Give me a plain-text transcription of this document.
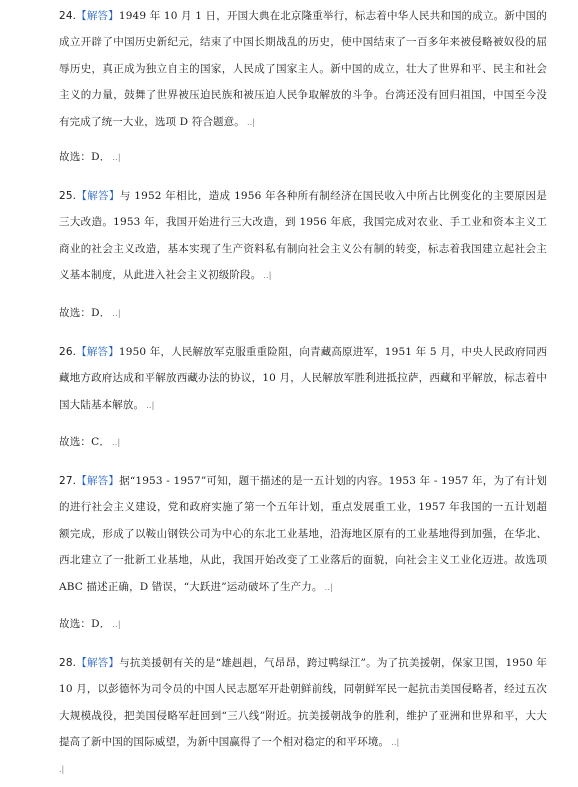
24.【解答】1949 年 10 月 1 日，开国大典在北京隆重举行，标志着中华人民共和国的成立。新中国的成立开辟了中国历史新纪元，结束了中国长期战乱的历史，使中国结束了一百多年来被侵略被奴役的屈辱历史，真正成为独立自主的国家，人民成了国家主人。新中国的成立，壮大了世界和平、民主和社会主义的力量，鼓舞了世界被压迫民族和被压迫人民争取解放的斗争。台湾还没有回归祖国，中国至今没有完成了统一大业，选项 D 符合题意。 ..|

故选：D． ..|

25.【解答】与 1952 年相比，造成 1956 年各种所有制经济在国民收入中所占比例变化的主要原因是三大改造。1953 年，我国开始进行三大改造，到 1956 年底，我国完成对农业、手工业和资本主义工商业的社会主义改造，基本实现了生产资料私有制向社会主义公有制的转变，标志着我国建立起社会主义基本制度，从此进入社会主义初级阶段。 ..|

故选：D． ..|

26.【解答】1950 年，人民解放军克服重重险阻，向青藏高原进军，1951 年 5 月，中央人民政府同西藏地方政府达成和平解放西藏办法的协议，10 月，人民解放军胜利进抵拉萨，西藏和平解放，标志着中国大陆基本解放。 ..|

故选：C． ..|

27.【解答】据“1953 - 1957”可知，题干描述的是一五计划的内容。1953 年 - 1957 年，为了有计划的进行社会主义建设，党和政府实施了第一个五年计划，重点发展重工业，1957 年我国的一五计划超额完成，形成了以鞍山钢铁公司为中心的东北工业基地，沿海地区原有的工业基地得到加强，在华北、西北建立了一批新工业基地，从此，我国开始改变了工业落后的面貌，向社会主义工业化迈进。故选项 ABC 描述正确，D 错误，“大跃进”运动破坏了生产力。 ..|

故选：D． ..|

28.【解答】与抗美援朝有关的是“雄赳赳，气昂昂，跨过鸭绿江”。为了抗美援朝，保家卫国，1950 年 10 月，以彭德怀为司令员的中国人民志愿军开赴朝鲜前线，同朝鲜军民一起抗击美国侵略者，经过五次大规模战役，把美国侵略军赶回到“三八线”附近。抗美援朝战争的胜利，维护了亚洲和世界和平，大大提高了新中国的国际威望，为新中国赢得了一个相对稳定的和平环境。 ..|

.|
